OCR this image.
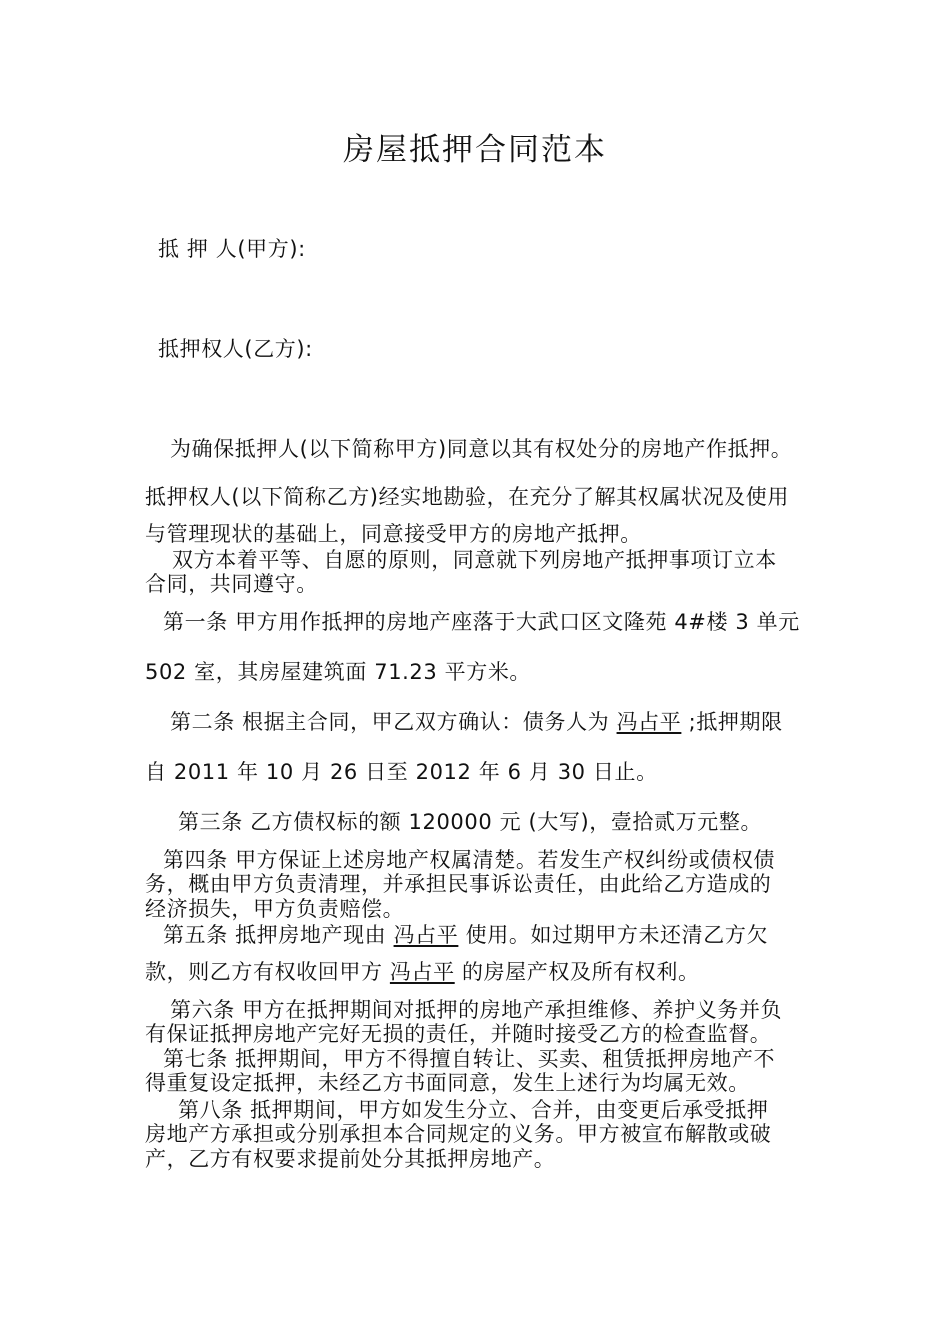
房屋抵押合同范本
抵 押 人(甲方):
抵押权人(乙方):
为确保抵押人(以下简称甲方)同意以其有权处分的房地产作抵押。
抵押权人(以下简称乙方)经实地勘验，在充分了解其权属状况及使用
与管理现状的基础上，同意接受甲方的房地产抵押。
双方本着平等、自愿的原则，同意就下列房地产抵押事项订立本
合同，共同遵守。
第一条 甲方用作抵押的房地产座落于大武口区文隆苑 4#楼 3 单元
502 室，其房屋建筑面 71.23 平方米。
第二条 根据主合同，甲乙双方确认：债务人为 冯占平 ;抵押期限
自 2011 年 10 月 26 日至 2012 年 6 月 30 日止。
第三条 乙方债权标的额 120000 元 (大写)，壹拾贰万元整。
第四条 甲方保证上述房地产权属清楚。若发生产权纠纷或债权债
务，概由甲方负责清理，并承担民事诉讼责任，由此给乙方造成的
经济损失，甲方负责赔偿。
第五条 抵押房地产现由 冯占平 使用。如过期甲方未还清乙方欠
款，则乙方有权收回甲方 冯占平 的房屋产权及所有权利。
第六条 甲方在抵押期间对抵押的房地产承担维修、养护义务并负
有保证抵押房地产完好无损的责任，并随时接受乙方的检查监督。
第七条 抵押期间，甲方不得擅自转让、买卖、租赁抵押房地产不
得重复设定抵押，未经乙方书面同意，发生上述行为均属无效。
第八条 抵押期间，甲方如发生分立、合并，由变更后承受抵押
房地产方承担或分别承担本合同规定的义务。甲方被宣布解散或破
产，乙方有权要求提前处分其抵押房地产。
